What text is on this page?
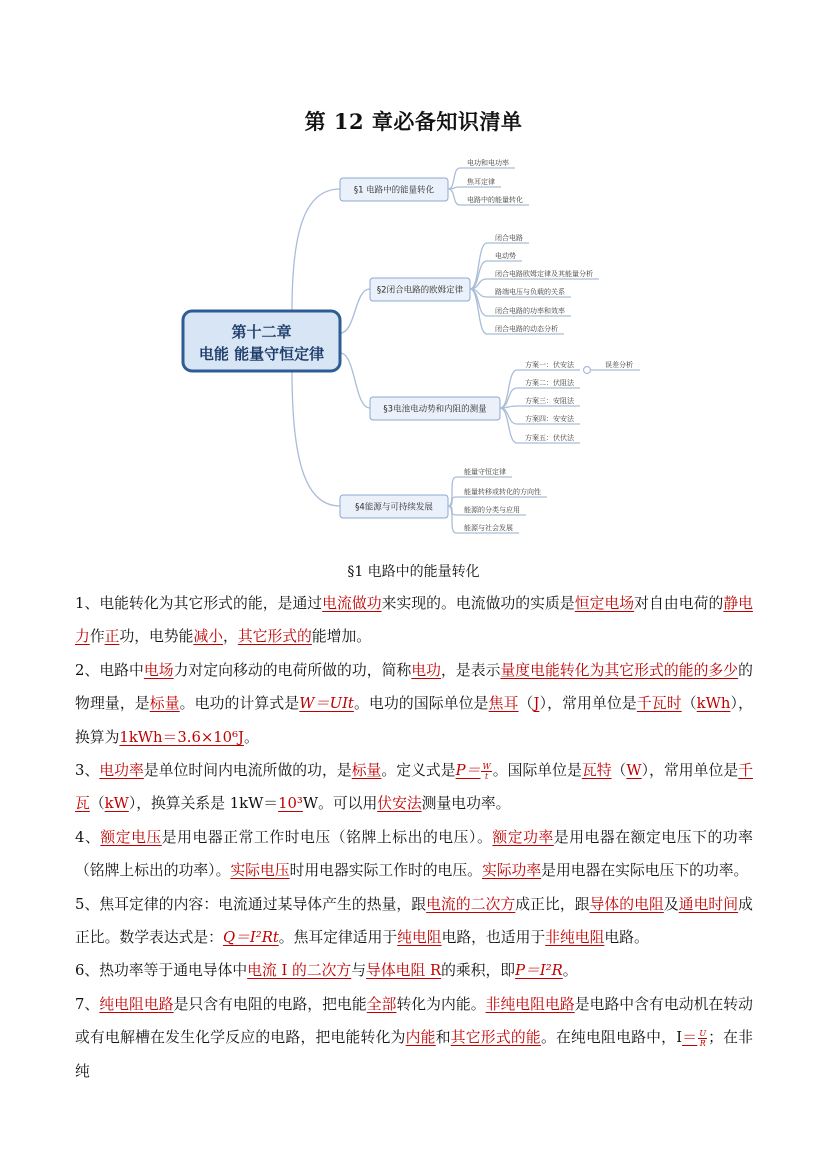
第 12 章必备知识清单
第十二章
电能 能量守恒定律
§1 电路中的能量转化
电功和电功率
焦耳定律
电路中的能量转化
§2闭合电路的欧姆定律
闭合电路
电动势
闭合电路欧姆定律及其能量分析
路端电压与负载的关系
闭合电路的功率和效率
闭合电路的动态分析
§3电池电动势和内阻的测量
方案一：伏安法
方案二：伏阻法
方案三：安阻法
方案四：安安法
方案五：伏伏法
误差分析
§4能源与可持续发展
能量守恒定律
能量转移或转化的方向性
能源的分类与应用
能源与社会发展
§1 电路中的能量转化

1、电能转化为其它形式的能，是通过电流做功来实现的。电流做功的实质是恒定电场对自由电荷的静电力作正功，电势能减小，其它形式的能增加。

2、电路中电场力对定向移动的电荷所做的功，简称电功，是表示量度电能转化为其它形式的能的多少的物理量，是标量。电功的计算式是W＝UIt。电功的国际单位是焦耳（J），常用单位是千瓦时（kWh），换算为1kWh＝3.6×10⁶J。

3、电功率是单位时间内电流所做的功，是标量。定义式是$P= \frac{W}{t}$ 。国际单位是瓦特（W），常用单位是千瓦（kW），换算关系是 1kW＝10³W。可以用伏安法测量电功率。

4、额定电压是用电器正常工作时电压（铭牌上标出的电压）。额定功率是用电器在额定电压下的功率（铭牌上标出的功率）。实际电压时用电器实际工作时的电压。实际功率是用电器在实际电压下的功率。

5、焦耳定律的内容：电流通过某导体产生的热量，跟电流的二次方成正比，跟导体的电阻及通电时间成正比。数学表达式是：Q＝I²Rt。焦耳定律适用于纯电阻电路，也适用于非纯电阻电路。

6、热功率等于通电导体中电流 I 的二次方与导体电阻 R的乘积，即P＝I²R。

7、纯电阻电路是只含有电阻的电路，把电能全部转化为内能。非纯电阻电路是电路中含有电动机在转动或有电解槽在发生化学反应的电路，把电能转化为内能和其它形式的能。在纯电阻电路中，$I= \frac{U}{R}$ ；在非纯
